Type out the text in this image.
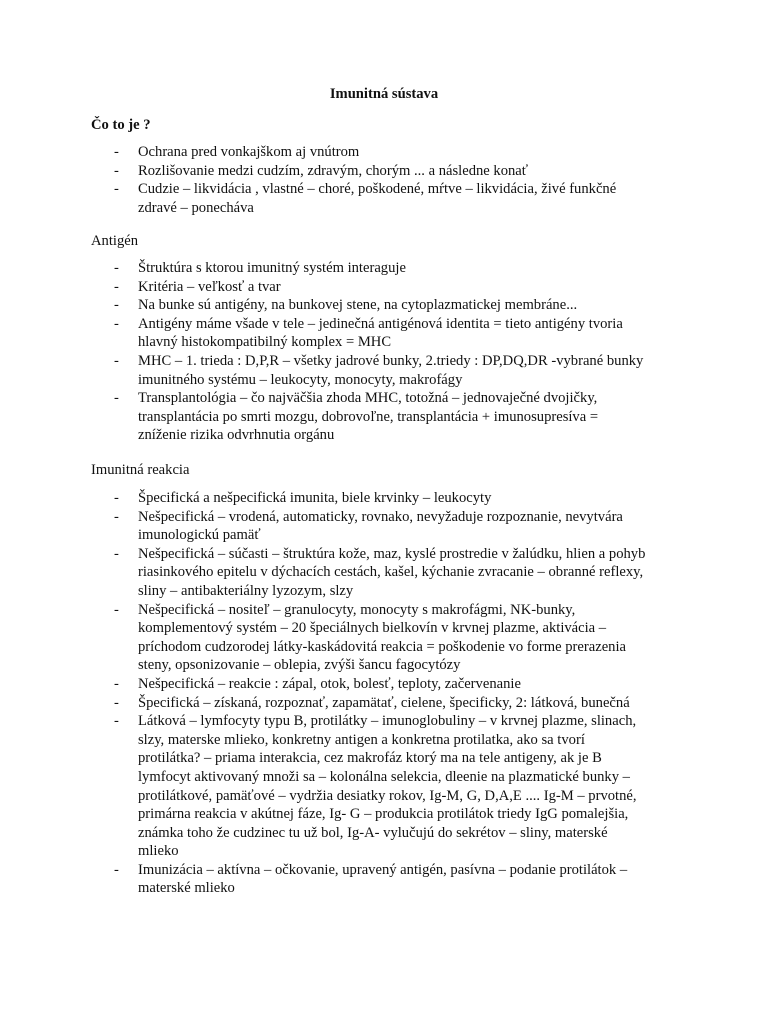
Imunitná sústava
Čo to je ?
- Ochrana pred vonkajškom aj vnútrom
- Rozlišovanie medzi cudzím, zdravým, chorým ... a následne konať
- Cudzie – likvidácia , vlastné – choré, poškodené, mŕtve – likvidácia, živé funkčné
zdravé – ponecháva
Antigén
- Štruktúra s ktorou imunitný systém interaguje
- Kritéria – veľkosť a tvar
- Na bunke sú antigény, na bunkovej stene, na cytoplazmatickej membráne...
- Antigény máme všade v tele – jedinečná antigénová identita = tieto antigény tvoria
hlavný histokompatibilný komplex = MHC
- MHC – 1. trieda : D,P,R – všetky jadrové bunky, 2.triedy : DP,DQ,DR -vybrané bunky
imunitného systému – leukocyty, monocyty, makrofágy
- Transplantológia – čo najväčšia zhoda MHC, totožná – jednovaječné dvojičky,
transplantácia po smrti mozgu, dobrovoľne, transplantácia + imunosupresíva =
zníženie rizika odvrhnutia orgánu
Imunitná reakcia
- Špecifická a nešpecifická imunita, biele krvinky – leukocyty
- Nešpecifická – vrodená, automaticky, rovnako, nevyžaduje rozpoznanie, nevytvára
imunologickú pamäť
- Nešpecifická – súčasti – štruktúra kože, maz, kyslé prostredie v žalúdku, hlien a pohyb
riasinkového epitelu v dýchacích cestách, kašel, kýchanie zvracanie – obranné reflexy,
sliny – antibakteriálny lyzozym, slzy
- Nešpecifická – nositeľ – granulocyty, monocyty s makrofágmi, NK-bunky,
komplementový systém – 20 špeciálnych bielkovín v krvnej plazme, aktivácia –
príchodom cudzorodej látky-kaskádovitá reakcia = poškodenie vo forme prerazenia
steny, opsonizovanie – oblepia, zvýši šancu fagocytózy
- Nešpecifická – reakcie : zápal, otok, bolesť, teploty, začervenanie
- Špecifická – získaná, rozpoznať, zapamätať, cielene, špecificky, 2: látková, bunečná
- Látková – lymfocyty typu B, protilátky – imunoglobuliny – v krvnej plazme, slinach,
slzy, materske mlieko, konkretny antigen a konkretna protilatka, ako sa tvorí
protilátka? – priama interakcia, cez makrofáz ktorý ma na tele antigeny, ak je B
lymfocyt aktivovaný množi sa – kolonálna selekcia, dleenie na plazmatické bunky –
protilátkové, pamäťové – vydržia desiatky rokov, Ig-M, G, D,A,E .... Ig-M – prvotné,
primárna reakcia v akútnej fáze, Ig- G – produkcia protilátok triedy IgG pomalejšia,
známka toho že cudzinec tu už bol, Ig-A- vylučujú do sekrétov – sliny, materské
mlieko
- Imunizácia – aktívna – očkovanie, upravený antigén, pasívna – podanie protilátok –
materské mlieko
